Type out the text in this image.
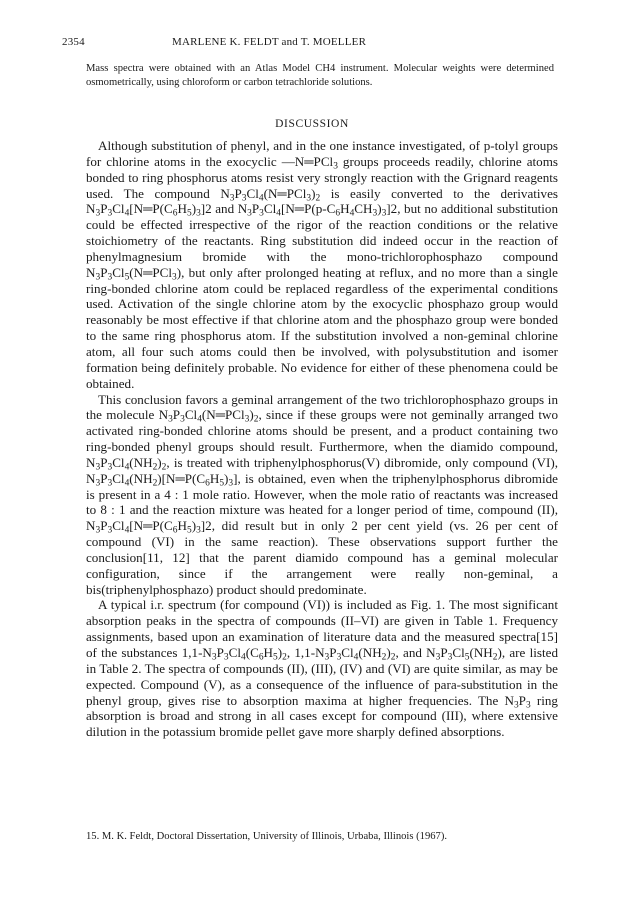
2354	MARLENE K. FELDT and T. MOELLER
Mass spectra were obtained with an Atlas Model CH4 instrument. Molecular weights were determined osmometrically, using chloroform or carbon tetrachloride solutions.
DISCUSSION

Although substitution of phenyl, and in the one instance investigated, of p-tolyl groups for chlorine atoms in the exocyclic —N═PCl$_3$ groups proceeds readily, chlorine atoms bonded to ring phosphorus atoms resist very strongly reaction with the Grignard reagents used. The compound $N_3P_3Cl_4(N═PCl_3)_2$ is easily converted to the derivatives $N_3P_3Cl_4[N═P(C_6H_5)_3]2$ and $N_3P_3Cl_4[N═P(p-C_6H_4CH_3)_3]2$, but no additional substitution could be effected irrespective of the rigor of the reaction conditions or the relative stoichiometry of the reactants. Ring substitution did indeed occur in the reaction of phenylmagnesium bromide with the mono-trichlorophosphazo compound $N_3P_3Cl_5(N═PCl_3)$, but only after prolonged heating at reflux, and no more than a single ring-bonded chlorine atom could be replaced regardless of the experimental conditions used. Activation of the single chlorine atom by the exocyclic phosphazo group would reasonably be most effective if that chlorine atom and the phosphazo group were bonded to the same ring phosphorus atom. If the substitution involved a non-geminal chlorine atom, all four such atoms could then be involved, with polysubstitution and isomer formation being definitely probable. No evidence for either of these phenomena could be obtained.

This conclusion favors a geminal arrangement of the two trichlorophosphazo groups in the molecule $N_3P_3Cl_4(N═PCl_3)_2$, since if these groups were not geminally arranged two activated ring-bonded chlorine atoms should be present, and a product containing two ring-bonded phenyl groups should result. Furthermore, when the diamido compound, $N_3P_3Cl_4(NH_2)_2$, is treated with triphenylphosphorus(V) dibromide, only compound (VI), $N_3P_3Cl_4(NH_2)[N═P(C_6H_5)_3]$, is obtained, even when the triphenylphosphorus dibromide is present in a 4 : 1 mole ratio. However, when the mole ratio of reactants was increased to 8 : 1 and the reaction mixture was heated for a longer period of time, compound (II), $N_3P_3Cl_4[N═P(C_6H_5)_3]2$, did result but in only 2 per cent yield (vs. 26 per cent of compound (VI) in the same reaction). These observations support further the conclusion[11, 12] that the parent diamido compound has a geminal molecular configuration, since if the arrangement were really non-geminal, a bis(triphenylphosphazo) product should predominate.

A typical i.r. spectrum (for compound (VI)) is included as Fig. 1. The most significant absorption peaks in the spectra of compounds (II–VI) are given in Table 1. Frequency assignments, based upon an examination of literature data and the measured spectra[15] of the substances $1,1-N_3P_3Cl_4(C_6H_5)_2$, $1,1-N_3P_3Cl_4(NH_2)_2$, and $N_3P_3Cl_5(NH_2)$, are listed in Table 2. The spectra of compounds (II), (III), (IV) and (VI) are quite similar, as may be expected. Compound (V), as a consequence of the influence of para-substitution in the phenyl group, gives rise to absorption maxima at higher frequencies. The $N_3P_3$ ring absorption is broad and strong in all cases except for compound (III), where extensive dilution in the potassium bromide pellet gave more sharply defined absorptions.

15. M. K. Feldt, Doctoral Dissertation, University of Illinois, Urbaba, Illinois (1967).
